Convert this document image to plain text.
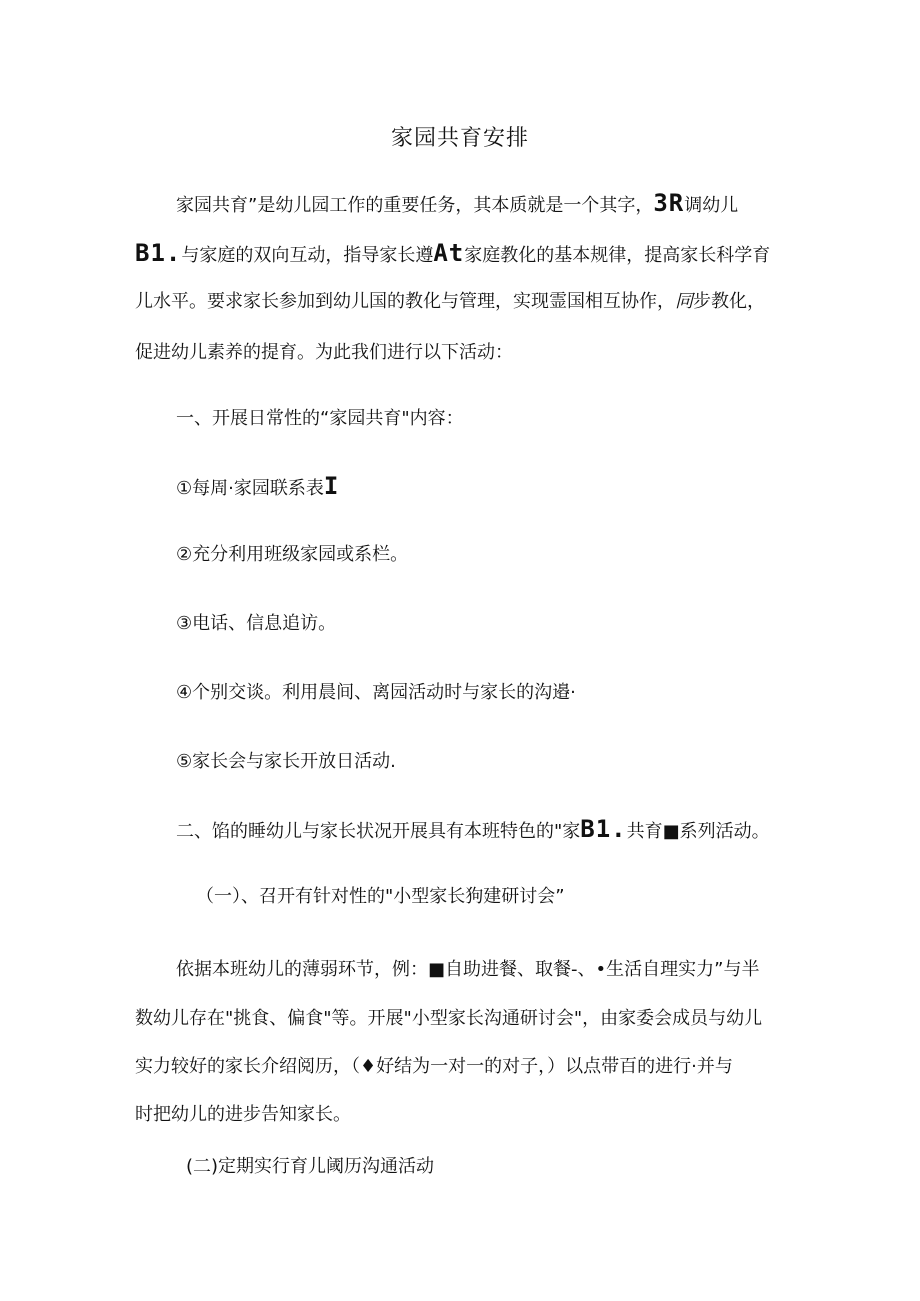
家园共育安排
家园共育”是幼儿园工作的重要任务，其本质就是一个其字，3R调幼儿
B1.与家庭的双向互动，指导家长遵At家庭教化的基本规律，提高家长科学育
儿水平。要求家长参加到幼儿国的教化与管理，实现霊国相互协作，同步教化，
促进幼儿素养的提育。为此我们进行以下活动：
一、开展日常性的“家园共育"内容：
①每周·家园联系表I
②充分利用班级家园或系栏。
③电话、信息追访。
④个别交谈。利用晨间、离园活动时与家长的沟邉·
⑤家长会与家长开放日活动.
二、馅的睡幼儿与家长状况开展具有本班特色的"家B1.共育■系列活动。
（一）、召开有针对性的"小型家长狗建研讨会”
依据本班幼儿的薄弱环节，例：■自助进餐、取餐-、•生活自理实力”与半
数幼儿存在"挑食、偏食"等。开展"小型家长沟通研讨会"，由家委会成员与幼儿
实力较好的家长介绍阅历，（♦好结为一对一的对子，）以点带百的进行·并与
时把幼儿的进步告知家长。
(二)定期实行育儿阈历沟通活动
